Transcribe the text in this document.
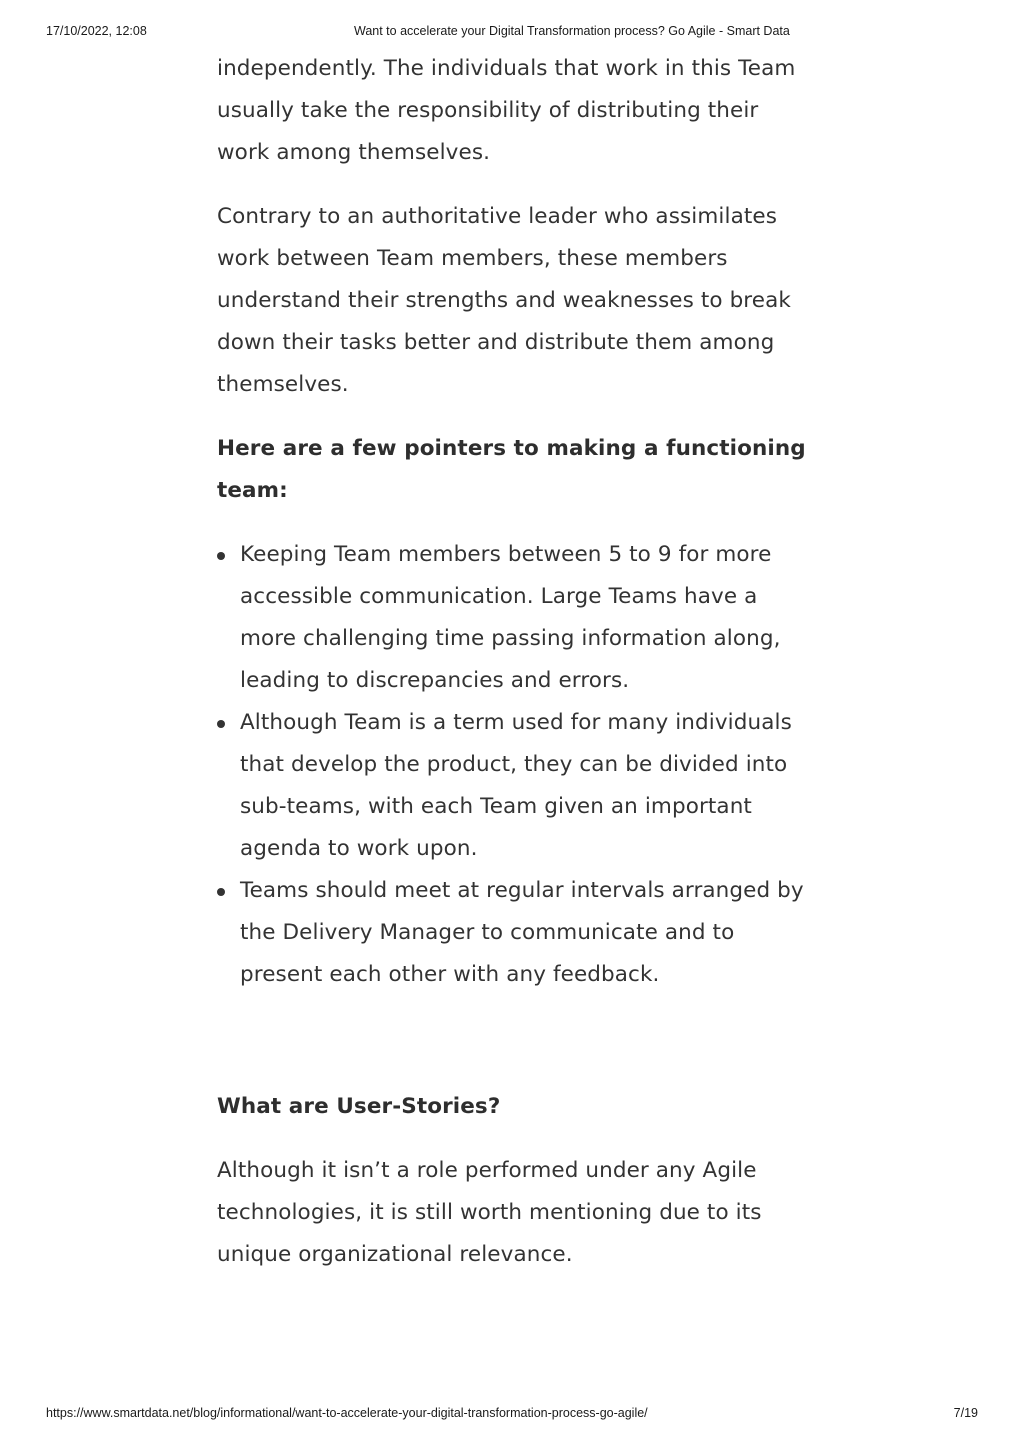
17/10/2022, 12:08	Want to accelerate your Digital Transformation process? Go Agile - Smart Data

independently. The individuals that work in this Team usually take the responsibility of distributing their work among themselves.

Contrary to an authoritative leader who assimilates work between Team members, these members understand their strengths and weaknesses to break down their tasks better and distribute them among themselves.

Here are a few pointers to making a functioning team:

Keeping Team members between 5 to 9 for more accessible communication. Large Teams have a more challenging time passing information along, leading to discrepancies and errors.
Although Team is a term used for many individuals that develop the product, they can be divided into sub-teams, with each Team given an important agenda to work upon.
Teams should meet at regular intervals arranged by the Delivery Manager to communicate and to present each other with any feedback.

What are User-Stories?

Although it isn’t a role performed under any Agile technologies, it is still worth mentioning due to its unique organizational relevance.

https://www.smartdata.net/blog/informational/want-to-accelerate-your-digital-transformation-process-go-agile/	7/19
